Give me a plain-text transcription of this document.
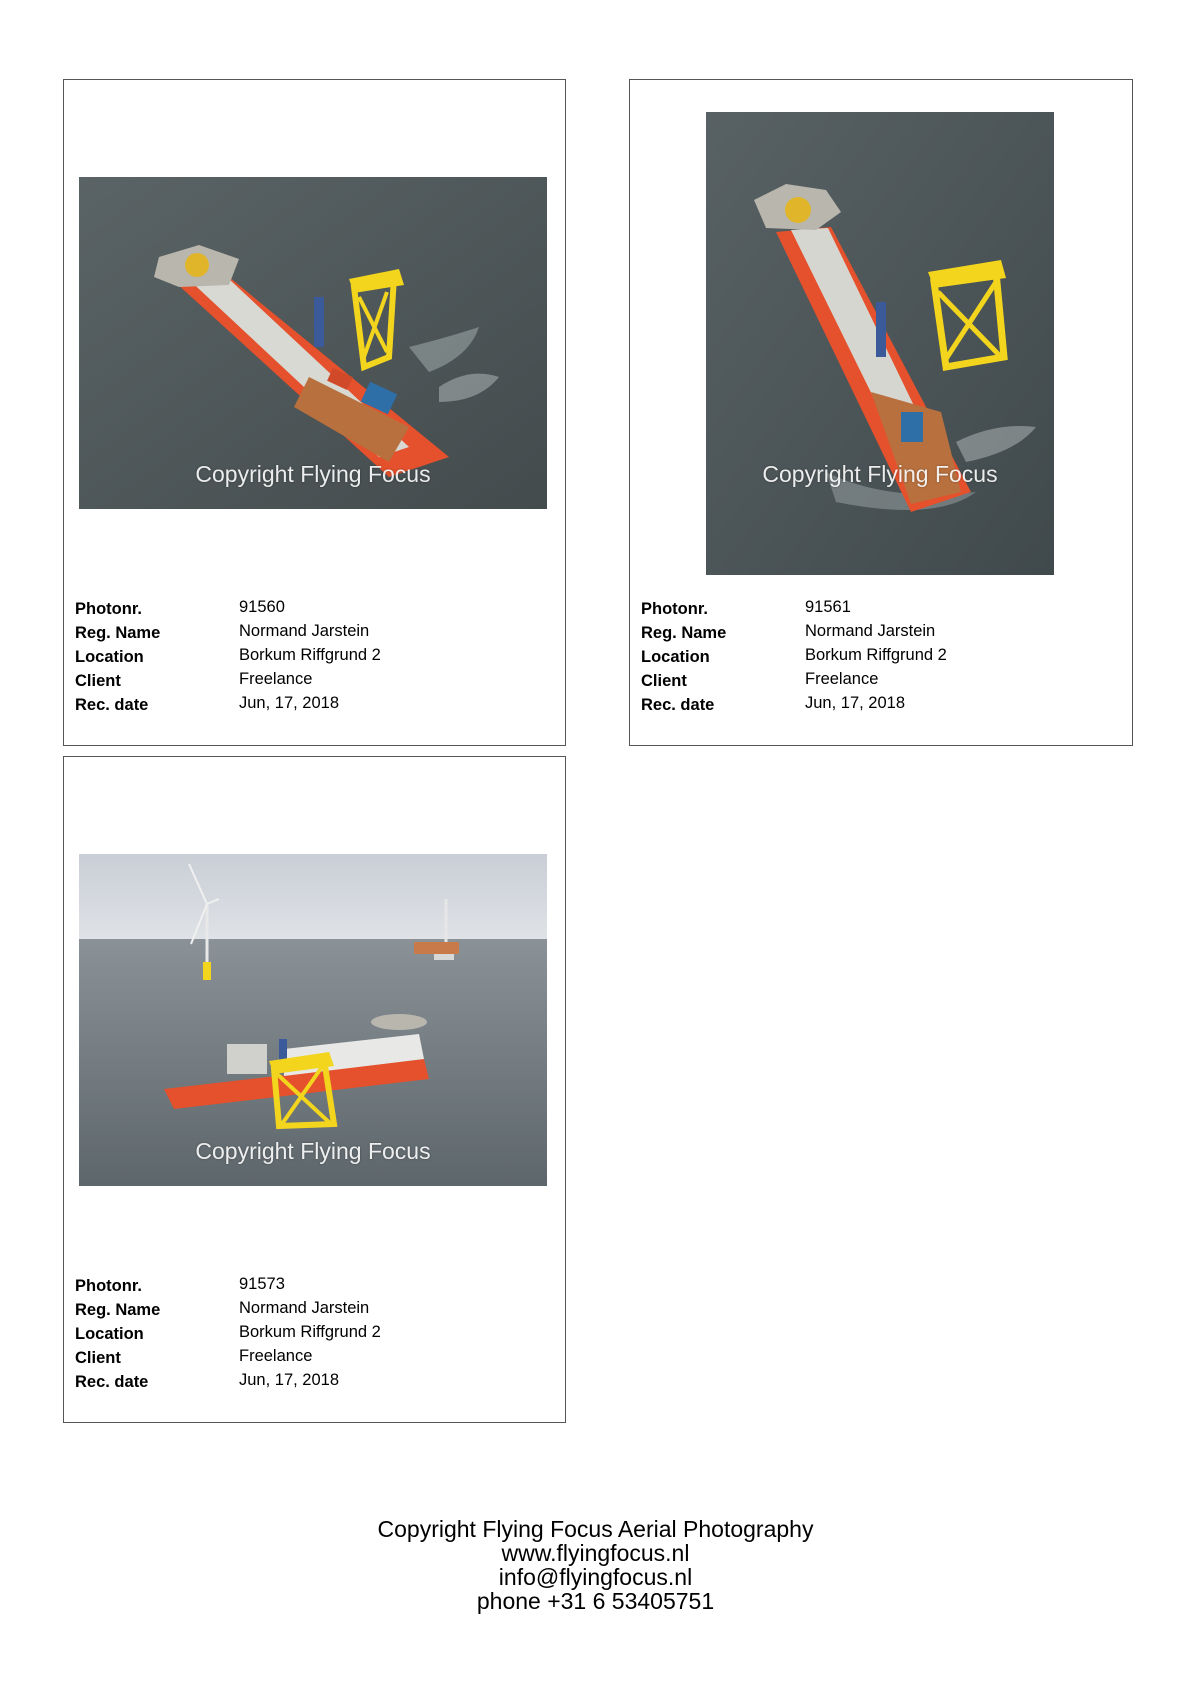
Copyright Flying Focus
Photonr.	91560
Reg. Name	Normand Jarstein
Location	Borkum Riffgrund 2
Client	Freelance
Rec. date	Jun, 17, 2018
Copyright Flying Focus
Photonr.	91561
Reg. Name	Normand Jarstein
Location	Borkum Riffgrund 2
Client	Freelance
Rec. date	Jun, 17, 2018
Copyright Flying Focus
Photonr.	91573
Reg. Name	Normand Jarstein
Location	Borkum Riffgrund 2
Client	Freelance
Rec. date	Jun, 17, 2018
Copyright Flying Focus Aerial Photography
www.flyingfocus.nl
info@flyingfocus.nl
phone +31 6 53405751
